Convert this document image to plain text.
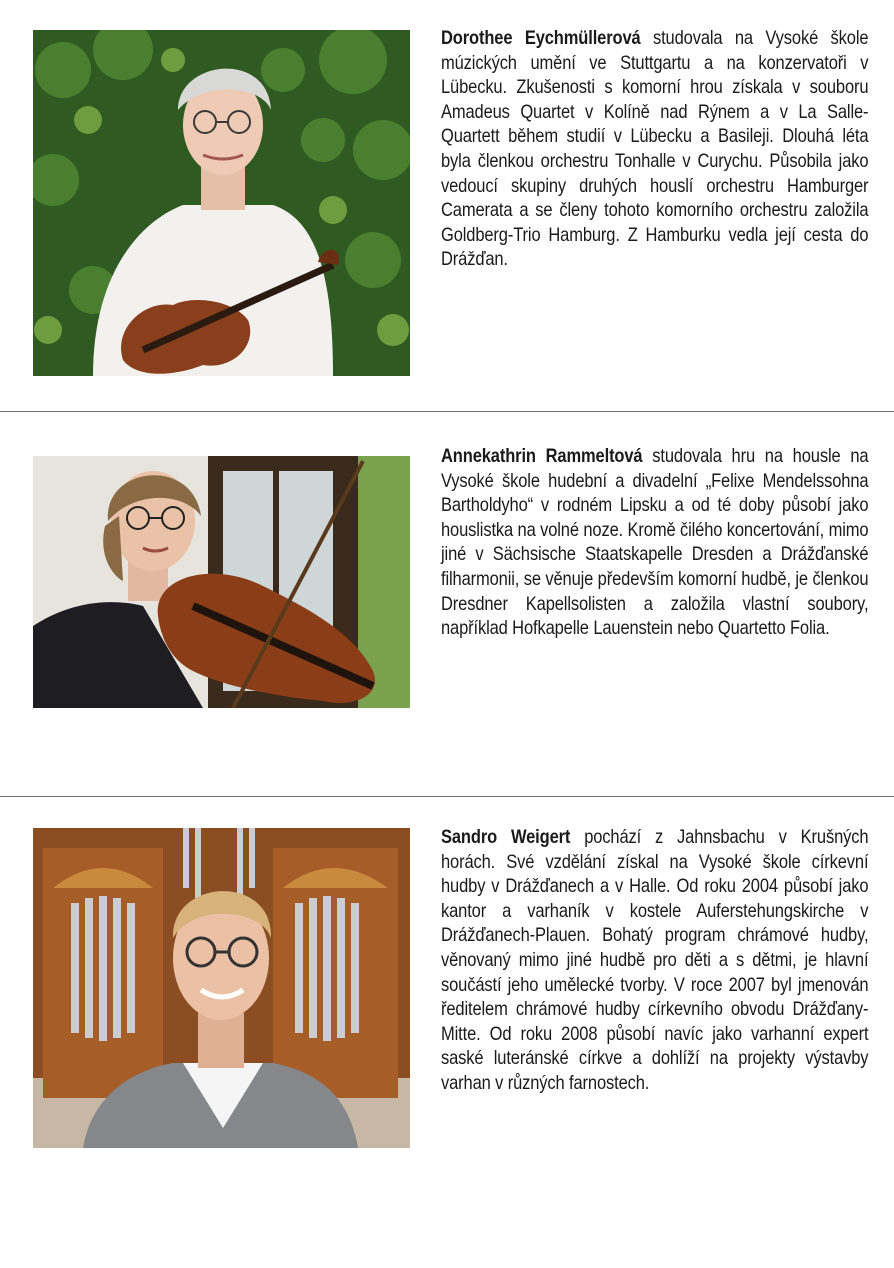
Dorothee Eychmüllerová studovala na Vysoké škole múzických umění ve Stuttgartu a na konzervatoři v Lübecku. Zkušenosti s komorní hrou získala v souboru Amadeus Quartet v Kolíně nad Rýnem a v La Salle-Quartett během studií v Lübecku a Basileji. Dlouhá léta byla členkou orchestru Tonhalle v Curychu. Působila jako vedoucí skupiny druhých houslí orchestru Hamburger Camerata a se členy tohoto komorního orchestru založila Goldberg-Trio Hamburg. Z Hamburku vedla její cesta do Drážďan.
Annekathrin Rammeltová studovala hru na housle na Vysoké škole hudební a divadelní „Felixe Mendelssohna Bartholdyho“ v rodném Lipsku a od té doby působí jako houslistka na volné noze. Kromě čilého koncertování, mimo jiné v Sächsische Staatskapelle Dresden a Drážďanské filharmonii, se věnuje především komorní hudbě, je členkou Dresdner Kapellsolisten a založila vlastní soubory, například Hofkapelle Lauenstein nebo Quartetto Folia.
Sandro Weigert pochází z Jahnsbachu v Krušných horách. Své vzdělání získal na Vysoké škole církevní hudby v Drážďanech a v Halle. Od roku 2004 působí jako kantor a varhaník v kostele Auferstehungskirche v Drážďanech-Plauen. Bohatý program chrámové hudby, věnovaný mimo jiné hudbě pro děti a s dětmi, je hlavní součástí jeho umělecké tvorby. V roce 2007 byl jmenován ředitelem chrámové hudby církevního obvodu Drážďany-Mitte. Od roku 2008 působí navíc jako varhanní expert saské luteránské církve a dohlíží na projekty výstavby varhan v různých farnostech.
